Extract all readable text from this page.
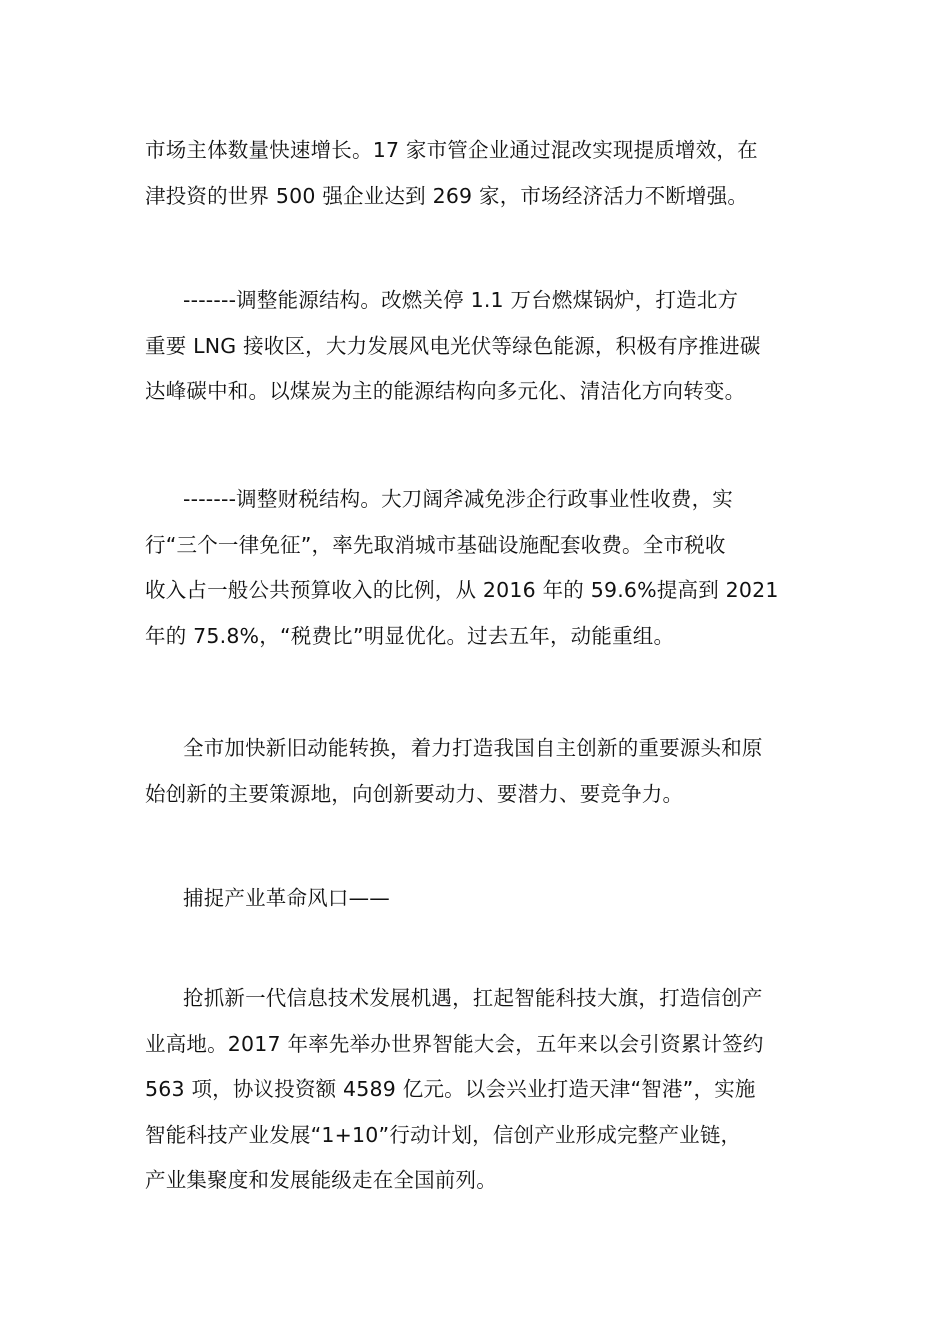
市场主体数量快速增长。17 家市管企业通过混改实现提质增效，在
津投资的世界 500 强企业达到 269 家，市场经济活力不断增强。

-------调整能源结构。改燃关停 1.1 万台燃煤锅炉，打造北方
重要 LNG 接收区，大力发展风电光伏等绿色能源，积极有序推进碳
达峰碳中和。以煤炭为主的能源结构向多元化、清洁化方向转变。

-------调整财税结构。大刀阔斧减免涉企行政事业性收费，实
行“三个一律免征”，率先取消城市基础设施配套收费。全市税收
收入占一般公共预算收入的比例，从 2016 年的 59.6%提高到 2021
年的 75.8%，“税费比”明显优化。过去五年，动能重组。

全市加快新旧动能转换，着力打造我国自主创新的重要源头和原
始创新的主要策源地，向创新要动力、要潜力、要竞争力。

捕捉产业革命风口——

抢抓新一代信息技术发展机遇，扛起智能科技大旗，打造信创产
业高地。2017 年率先举办世界智能大会，五年来以会引资累计签约
563 项，协议投资额 4589 亿元。以会兴业打造天津“智港”，实施
智能科技产业发展“1+10”行动计划，信创产业形成完整产业链，
产业集聚度和发展能级走在全国前列。
